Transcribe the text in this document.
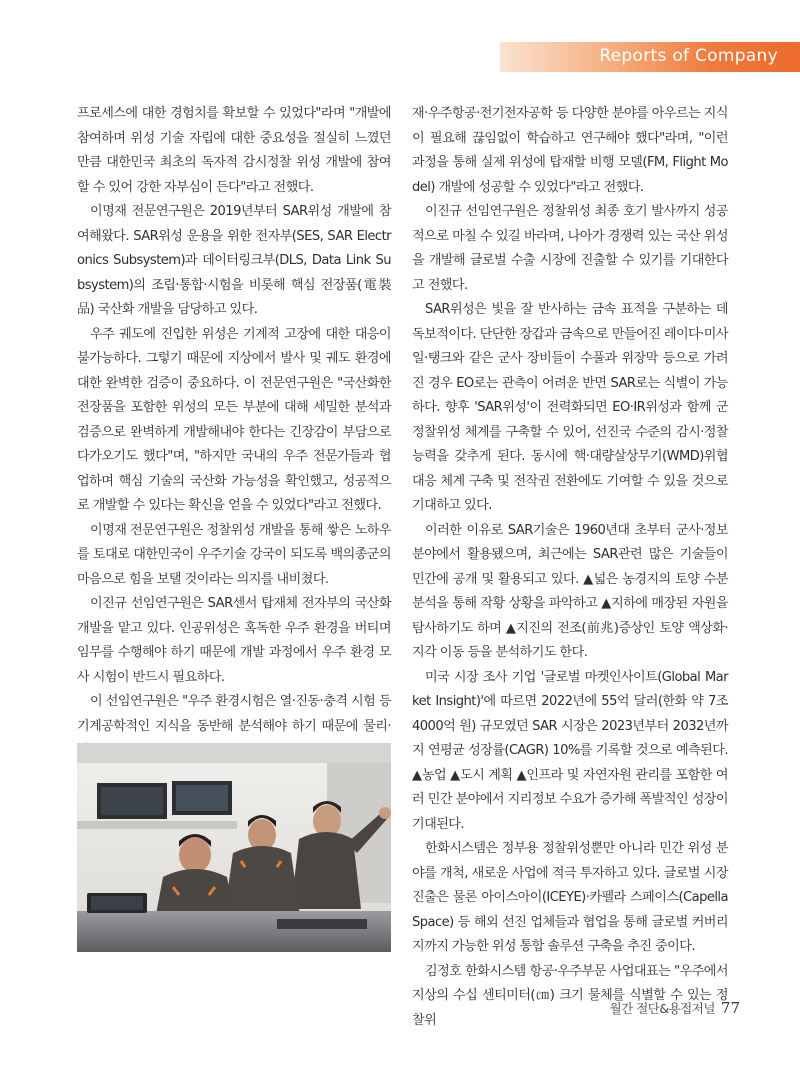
Reports of Company

프로세스에 대한 경험치를 확보할 수 있었다"라며 "개발에 참여하며 위성 기술 자립에 대한 중요성을 절실히 느꼈던 만큼 대한민국 최초의 독자적 감시정찰 위성 개발에 참여할 수 있어 강한 자부심이 든다"라고 전했다.

이명재 전문연구원은 2019년부터 SAR위성 개발에 참여해왔다. SAR위성 운용을 위한 전자부(SES, SAR Electronics Subsystem)과 데이터링크부(DLS, Data Link Subsystem)의 조립·통합·시험을 비롯해 핵심 전장품(電裝品) 국산화 개발을 담당하고 있다.

우주 궤도에 진입한 위성은 기계적 고장에 대한 대응이 불가능하다. 그렇기 때문에 지상에서 발사 및 궤도 환경에 대한 완벽한 검증이 중요하다. 이 전문연구원은 "국산화한 전장품을 포함한 위성의 모든 부분에 대해 세밀한 분석과 검증으로 완벽하게 개발해내야 한다는 긴장감이 부담으로 다가오기도 했다"며, "하지만 국내의 우주 전문가들과 협업하며 핵심 기술의 국산화 가능성을 확인했고, 성공적으로 개발할 수 있다는 확신을 얻을 수 있었다"라고 전했다.

이명재 전문연구원은 정찰위성 개발을 통해 쌓은 노하우를 토대로 대한민국이 우주기술 강국이 되도록 백의종군의 마음으로 힘을 보탤 것이라는 의지를 내비쳤다.

이진규 선임연구원은 SAR센서 탑재체 전자부의 국산화 개발을 맡고 있다. 인공위성은 혹독한 우주 환경을 버티며 임무를 수행해야 하기 때문에 개발 과정에서 우주 환경 모사 시험이 반드시 필요하다.

이 선임연구원은 "우주 환경시험은 열·진동·충격 시험 등 기계공학적인 지식을 동반해 분석해야 하기 때문에 물리·

재·우주항공·전기전자공학 등 다양한 분야를 아우르는 지식이 필요해 끊임없이 학습하고 연구해야 했다"라며, "이런 과정을 통해 실제 위성에 탑재할 비행 모델(FM, Flight Model) 개발에 성공할 수 있었다"라고 전했다.

이진규 선임연구원은 정찰위성 최종 호기 발사까지 성공적으로 마칠 수 있길 바라며, 나아가 경쟁력 있는 국산 위성을 개발해 글로벌 수출 시장에 진출할 수 있기를 기대한다고 전했다.

SAR위성은 빛을 잘 반사하는 금속 표적을 구분하는 데 독보적이다. 단단한 장갑과 금속으로 만들어진 레이다·미사일·탱크와 같은 군사 장비들이 수풀과 위장막 등으로 가려진 경우 EO로는 관측이 어려운 반면 SAR로는 식별이 가능하다. 향후 'SAR위성'이 전력화되면 EO·IR위성과 함께 군 정찰위성 체계를 구축할 수 있어, 선진국 수준의 감시·정찰 능력을 갖추게 된다. 동시에 핵·대량살상무기(WMD)위협 대응 체계 구축 및 전작권 전환에도 기여할 수 있을 것으로 기대하고 있다.

이러한 이유로 SAR기술은 1960년대 초부터 군사·정보 분야에서 활용됐으며, 최근에는 SAR관련 많은 기술들이 민간에 공개 및 활용되고 있다. ▲넓은 농경지의 토양 수분 분석을 통해 작황 상황을 파악하고 ▲지하에 매장된 자원을 탐사하기도 하며 ▲지진의 전조(前兆)증상인 토양 액상화·지각 이동 등을 분석하기도 한다.

미국 시장 조사 기업 '글로벌 마켓인사이트(Global Market Insight)'에 따르면 2022년에 55억 달러(한화 약 7조 4000억 원) 규모였던 SAR 시장은 2023년부터 2032년까지 연평균 성장률(CAGR) 10%를 기록할 것으로 예측된다. ▲농업 ▲도시 계획 ▲인프라 및 자연자원 관리를 포함한 여러 민간 분야에서 지리정보 수요가 증가해 폭발적인 성장이 기대된다.

한화시스템은 정부용 정찰위성뿐만 아니라 민간 위성 분야를 개척, 새로운 사업에 적극 투자하고 있다. 글로벌 시장 진출은 물론 아이스아이(ICEYE)·카펠라 스페이스(Capella Space) 등 해외 선진 업체들과 협업을 통해 글로벌 커버리지까지 가능한 위성 통합 솔루션 구축을 추진 중이다.

김정호 한화시스템 항공·우주부문 사업대표는 "우주에서 지상의 수십 센티미터(㎝) 크기 물체를 식별할 수 있는 정찰위

월간 절단&용접저널 77
